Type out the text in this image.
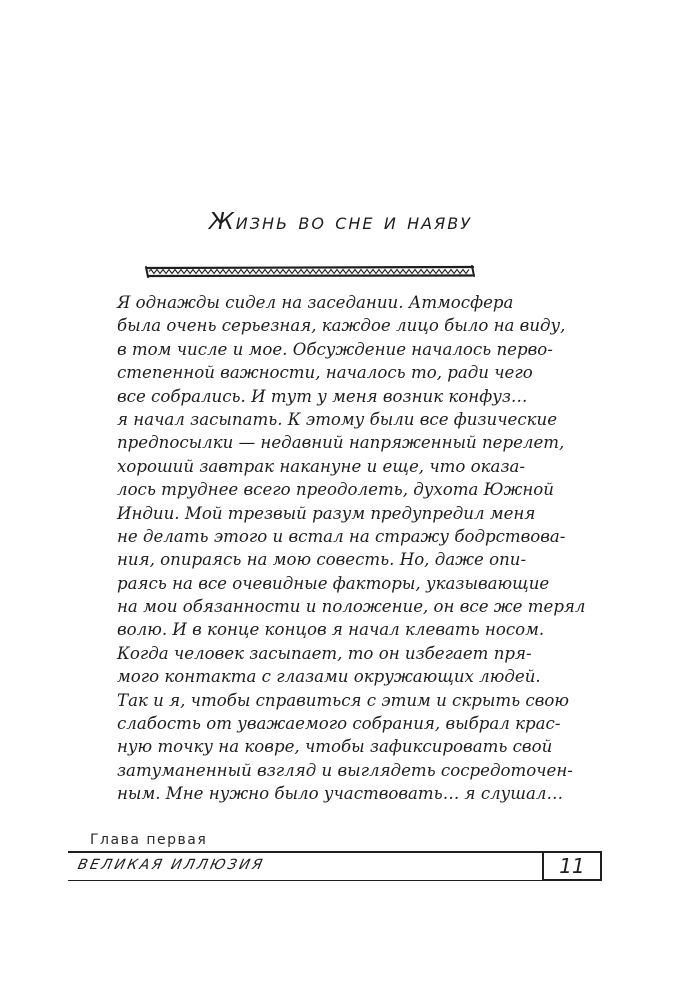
Жизнь во сне и наяву
Я однажды сидел на заседании. Атмосфера
была очень серьезная, каждое лицо было на виду,
в том числе и мое. Обсуждение началось перво-
степенной важности, началось то, ради чего
все собрались. И тут у меня возник конфуз…
я начал засыпать. К этому были все физические
предпосылки — недавний напряженный перелет,
хороший завтрак накануне и еще, что оказа-
лось труднее всего преодолеть, духота Южной
Индии. Мой трезвый разум предупредил меня
не делать этого и встал на стражу бодрствова-
ния, опираясь на мою совесть. Но, даже опи-
раясь на все очевидные факторы, указывающие
на мои обязанности и положение, он все же терял
волю. И в конце концов я начал клевать носом.
Когда человек засыпает, то он избегает пря-
мого контакта с глазами окружающих людей.
Так и я, чтобы справиться с этим и скрыть свою
слабость от уважаемого собрания, выбрал крас-
ную точку на ковре, чтобы зафиксировать свой
затуманенный взгляд и выглядеть сосредоточен-
ным. Мне нужно было участвовать… я слушал…
Глава первая
ВЕЛИКАЯ ИЛЛЮЗИЯ	11
